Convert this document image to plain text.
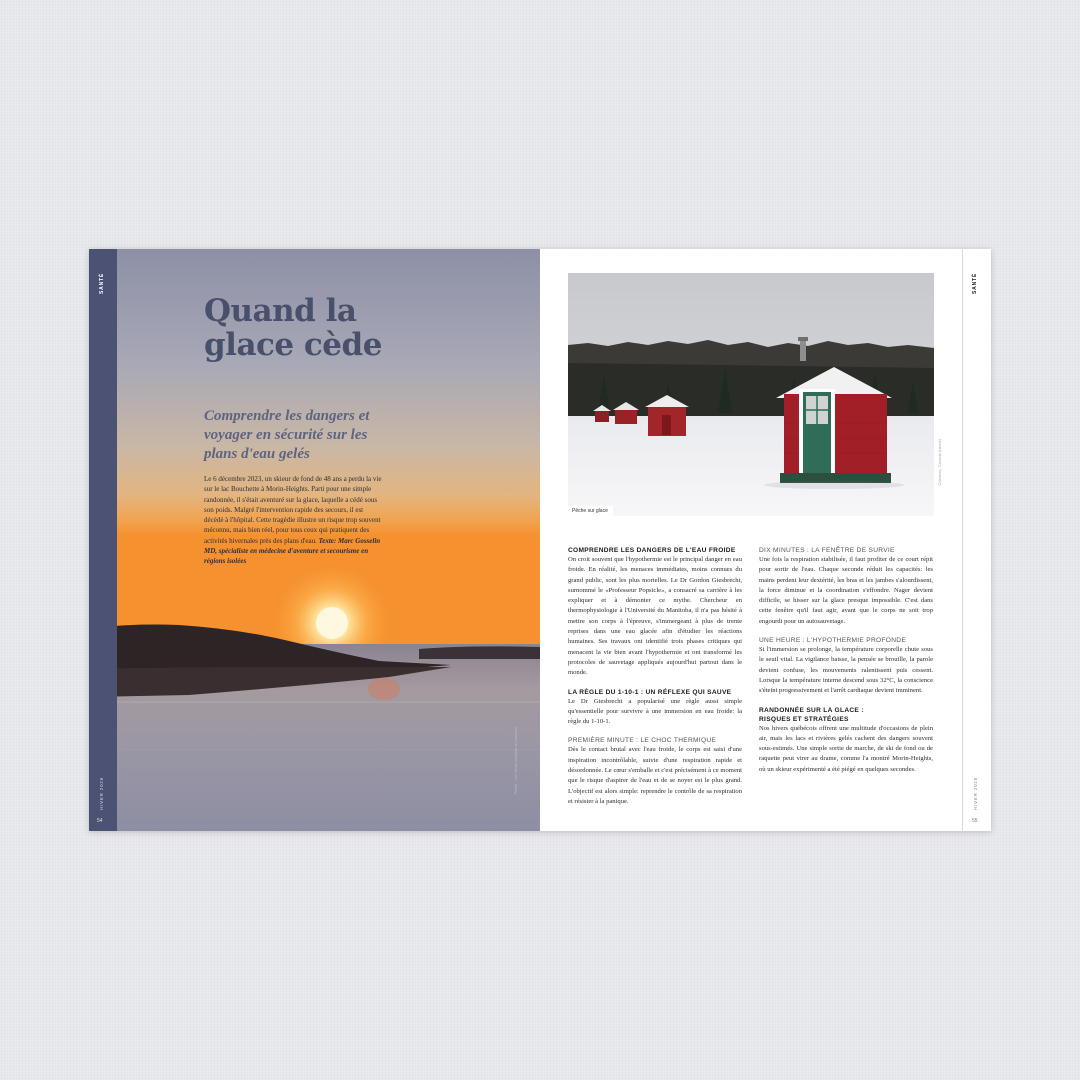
SANTÉ
HIVER 2026
54
Quand la glace cède
Comprendre les dangers et voyager en sécurité sur les plans d'eau gelés

Le 6 décembre 2023, un skieur de fond de 48 ans a perdu la vie sur le lac Bouchette à Morin-Heights. Parti pour une simple randonnée, il s'était aventuré sur la glace, laquelle a cédé sous son poids. Malgré l'intervention rapide des secours, il est décédé à l'hôpital. Cette tragédie illustre un risque trop souvent méconnu, mais bien réel, pour tous ceux qui pratiquent des activités hivernales près des plans d'eau. Texte: Marc Gosselin MD, spécialiste en médecine d'aventure et secourisme en régions isolées

Photo : Lac Morin-Heights au coucher
Pêche sur glace
Cabanes, Canada (Istock)
COMPRENDRE LES DANGERS DE L'EAU FROIDE

On croit souvent que l'hypothermie est le principal danger en eau froide. En réalité, les menaces immédiates, moins connues du grand public, sont les plus mortelles. Le Dr Gordon Giesbrecht, surnommé le «Professeur Popsicle», a consacré sa carrière à les expliquer et à démonter ce mythe. Chercheur en thermophysiologie à l'Université du Manitoba, il n'a pas hésité à mettre son corps à l'épreuve, s'immergeant à plus de trente reprises dans une eau glacée afin d'étudier les réactions humaines. Ses travaux ont identifié trois phases critiques qui menacent la vie bien avant l'hypothermie et ont transformé les protocoles de sauvetage appliqués aujourd'hui partout dans le monde.

LA RÈGLE DU 1-10-1 : UN RÉFLEXE QUI SAUVE

Le Dr Giesbrecht a popularisé une règle aussi simple qu'essentielle pour survivre à une immersion en eau froide: la règle du 1-10-1.

PREMIÈRE MINUTE : LE CHOC THERMIQUE

Dès le contact brutal avec l'eau froide, le corps est saisi d'une inspiration incontrôlable, suivie d'une respiration rapide et désordonnée. Le cœur s'emballe et c'est précisément à ce moment que le risque d'aspirer de l'eau et de se noyer est le plus grand. L'objectif est alors simple: reprendre le contrôle de sa respiration et résister à la panique.

DIX MINUTES : LA FENÊTRE DE SURVIE

Une fois la respiration stabilisée, il faut profiter de ce court répit pour sortir de l'eau. Chaque seconde réduit les capacités: les mains perdent leur dextérité, les bras et les jambes s'alourdissent, la force diminue et la coordination s'effondre. Nager devient difficile, se hisser sur la glace presque impossible. C'est dans cette fenêtre qu'il faut agir, avant que le corps ne soit trop engourdi pour un autosauvetage.

UNE HEURE : L'HYPOTHERMIE PROFONDE

Si l'immersion se prolonge, la température corporelle chute sous le seuil vital. La vigilance baisse, la pensée se brouille, la parole devient confuse, les mouvements ralentissent puis cessent. Lorsque la température interne descend sous 32°C, la conscience s'éteint progressivement et l'arrêt cardiaque devient imminent.

RANDONNÉE SUR LA GLACE :
RISQUES ET STRATÉGIES

Nos hivers québécois offrent une multitude d'occasions de plein air, mais les lacs et rivières gelés cachent des dangers souvent sous-estimés. Une simple sortie de marche, de ski de fond ou de raquette peut virer au drame, comme l'a montré Morin-Heights, où un skieur expérimenté a été piégé en quelques secondes.

SANTÉ
HIVER 2026
55
